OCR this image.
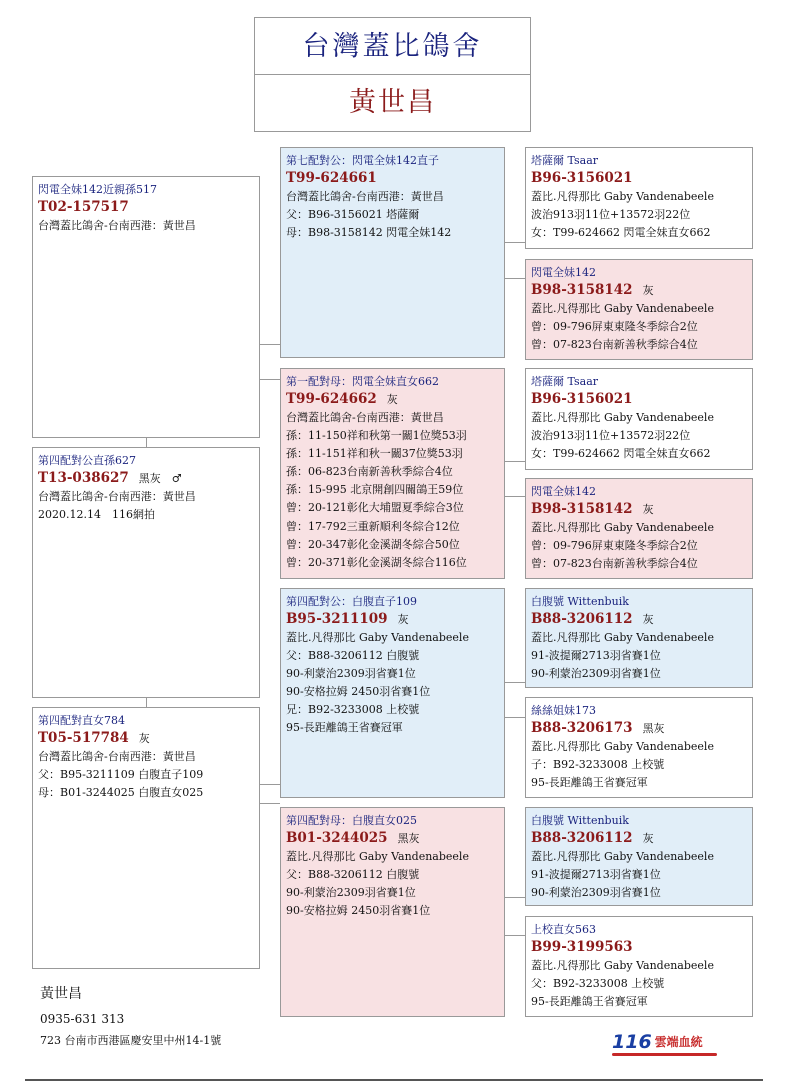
台灣蓋比鴿舍
黃世昌
閃電全妹142近親孫517
T02-157517
台灣蓋比鴿舍-台南西港：黃世昌
第四配對公直孫627
T13-038627 黑灰　♂
台灣蓋比鴿舍-台南西港：黃世昌
2020.12.14　116網拍
第四配對直女784
T05-517784 灰
台灣蓋比鴿舍-台南西港：黃世昌
父：B95-3211109 白腹直子109
母：B01-3244025 白腹直女025
第七配對公：閃電全妹142直子
T99-624661
台灣蓋比鴿舍-台南西港：黃世昌
父：B96-3156021 塔薩爾
母：B98-3158142 閃電全妹142
第一配對母：閃電全妹直女662
T99-624662 灰
台灣蓋比鴿舍-台南西港：黃世昌
孫：11-150祥和秋第一關1位獎53羽
孫：11-151祥和秋一關37位獎53羽
孫：06-823台南新善秋季綜合4位
孫：15-995 北京開創四關鴿王59位
曾：20-121彰化大埔盟夏季綜合3位
曾：17-792三重新順利冬綜合12位
曾：20-347彰化金溪湖冬綜合50位
曾：20-371彰化金溪湖冬綜合116位
第四配對公：白腹直子109
B95-3211109 灰
蓋比.凡得那比 Gaby Vandenabeele
父：B88-3206112 白腹號
90-利蒙治2309羽省賽1位
90-安格拉姆 2450羽省賽1位
兄：B92-3233008 上校號
95-長距離鴿王省賽冠軍
第四配對母：白腹直女025
B01-3244025 黑灰
蓋比.凡得那比 Gaby Vandenabeele
父：B88-3206112 白腹號
90-利蒙治2309羽省賽1位
90-安格拉姆 2450羽省賽1位
塔薩爾 Tsaar
B96-3156021
蓋比.凡得那比 Gaby Vandenabeele
波治913羽11位+13572羽22位
女：T99-624662 閃電全妹直女662
閃電全妹142
B98-3158142 灰
蓋比.凡得那比 Gaby Vandenabeele
曾：09-796屏東東隆冬季綜合2位
曾：07-823台南新善秋季綜合4位
塔薩爾 Tsaar
B96-3156021
蓋比.凡得那比 Gaby Vandenabeele
波治913羽11位+13572羽22位
女：T99-624662 閃電全妹直女662
閃電全妹142
B98-3158142 灰
蓋比.凡得那比 Gaby Vandenabeele
曾：09-796屏東東隆冬季綜合2位
曾：07-823台南新善秋季綜合4位
白腹號 Wittenbuik
B88-3206112 灰
蓋比.凡得那比 Gaby Vandenabeele
91-波提爾2713羽省賽1位
90-利蒙治2309羽省賽1位
絲絲姐妹173
B88-3206173 黑灰
蓋比.凡得那比 Gaby Vandenabeele
子：B92-3233008 上校號
95-長距離鴿王省賽冠軍
白腹號 Wittenbuik
B88-3206112 灰
蓋比.凡得那比 Gaby Vandenabeele
91-波提爾2713羽省賽1位
90-利蒙治2309羽省賽1位
上校直女563
B99-3199563
蓋比.凡得那比 Gaby Vandenabeele
父：B92-3233008 上校號
95-長距離鴿王省賽冠軍
黃世昌
0935-631 313
723 台南市西港區慶安里中州14-1號	116 雲端血統
